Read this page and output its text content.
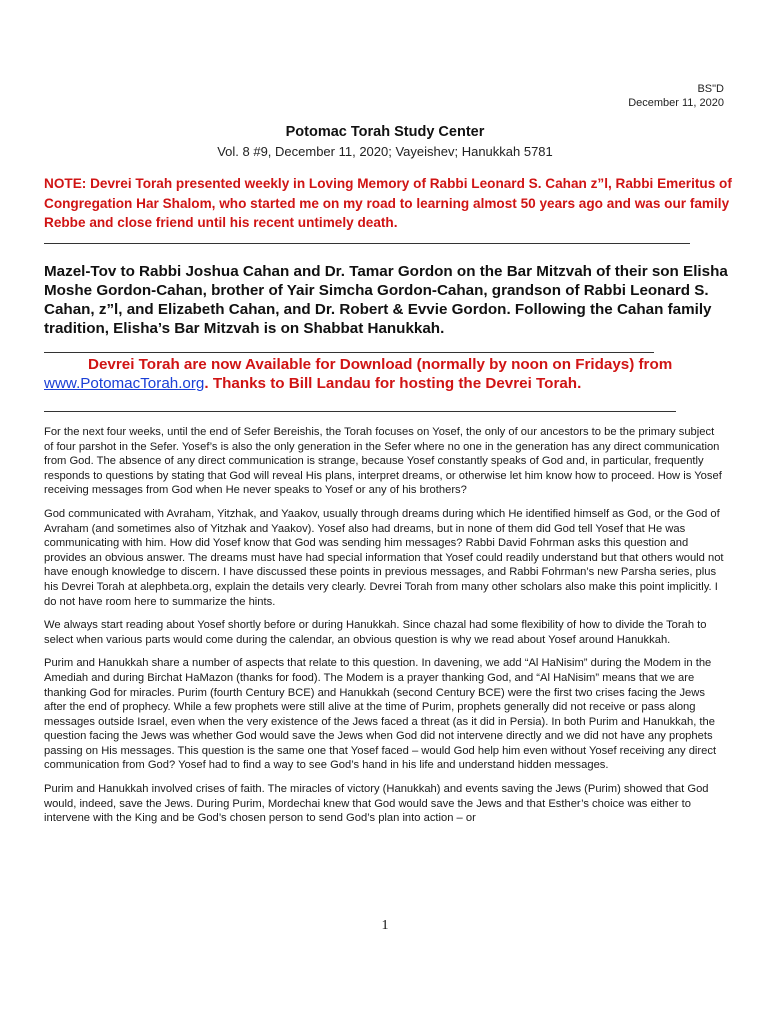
BS"D
December 11, 2020
Potomac Torah Study Center
Vol. 8 #9, December 11, 2020; Vayeishev; Hanukkah 5781
NOTE: Devrei Torah presented weekly in Loving Memory of Rabbi Leonard S. Cahan z”l, Rabbi Emeritus of Congregation Har Shalom, who started me on my road to learning almost 50 years ago and was our family Rebbe and close friend until his recent untimely death.
Mazel-Tov to Rabbi Joshua Cahan and Dr. Tamar Gordon on the Bar Mitzvah of their son Elisha Moshe Gordon-Cahan, brother of Yair Simcha Gordon-Cahan, grandson of Rabbi Leonard S. Cahan, z”l, and Elizabeth Cahan, and Dr. Robert & Evvie Gordon. Following the Cahan family tradition, Elisha’s Bar Mitzvah is on Shabbat Hanukkah.
Devrei Torah are now Available for Download (normally by noon on Fridays) from www.PotomacTorah.org. Thanks to Bill Landau for hosting the Devrei Torah.

For the next four weeks, until the end of Sefer Bereishis, the Torah focuses on Yosef, the only of our ancestors to be the primary subject of four parshot in the Sefer. Yosef’s is also the only generation in the Sefer where no one in the generation has any direct communication from God. The absence of any direct communication is strange, because Yosef constantly speaks of God and, in particular, frequently responds to questions by stating that God will reveal His plans, interpret dreams, or otherwise let him know how to proceed. How is Yosef receiving messages from God when He never speaks to Yosef or any of his brothers?

God communicated with Avraham, Yitzhak, and Yaakov, usually through dreams during which He identified himself as God, or the God of Avraham (and sometimes also of Yitzhak and Yaakov). Yosef also had dreams, but in none of them did God tell Yosef that He was communicating with him. How did Yosef know that God was sending him messages? Rabbi David Fohrman asks this question and provides an obvious answer. The dreams must have had special information that Yosef could readily understand but that others would not have enough knowledge to discern. I have discussed these points in previous messages, and Rabbi Fohrman’s new Parsha series, plus his Devrei Torah at alephbeta.org, explain the details very clearly. Devrei Torah from many other scholars also make this point implicitly. I do not have room here to summarize the hints.

We always start reading about Yosef shortly before or during Hanukkah. Since chazal had some flexibility of how to divide the Torah to select when various parts would come during the calendar, an obvious question is why we read about Yosef around Hanukkah.

Purim and Hanukkah share a number of aspects that relate to this question. In davening, we add “Al HaNisim” during the Modem in the Amediah and during Birchat HaMazon (thanks for food). The Modem is a prayer thanking God, and “Al HaNisim” means that we are thanking God for miracles. Purim (fourth Century BCE) and Hanukkah (second Century BCE) were the first two crises facing the Jews after the end of prophecy. While a few prophets were still alive at the time of Purim, prophets generally did not receive or pass along messages outside Israel, even when the very existence of the Jews faced a threat (as it did in Persia). In both Purim and Hanukkah, the question facing the Jews was whether God would save the Jews when God did not intervene directly and we did not have any prophets passing on His messages. This question is the same one that Yosef faced – would God help him even without Yosef receiving any direct communication from God? Yosef had to find a way to see God’s hand in his life and understand hidden messages.

Purim and Hanukkah involved crises of faith. The miracles of victory (Hanukkah) and events saving the Jews (Purim) showed that God would, indeed, save the Jews. During Purim, Mordechai knew that God would save the Jews and that Esther’s choice was either to intervene with the King and be God’s chosen person to send God’s plan into action – or

1
